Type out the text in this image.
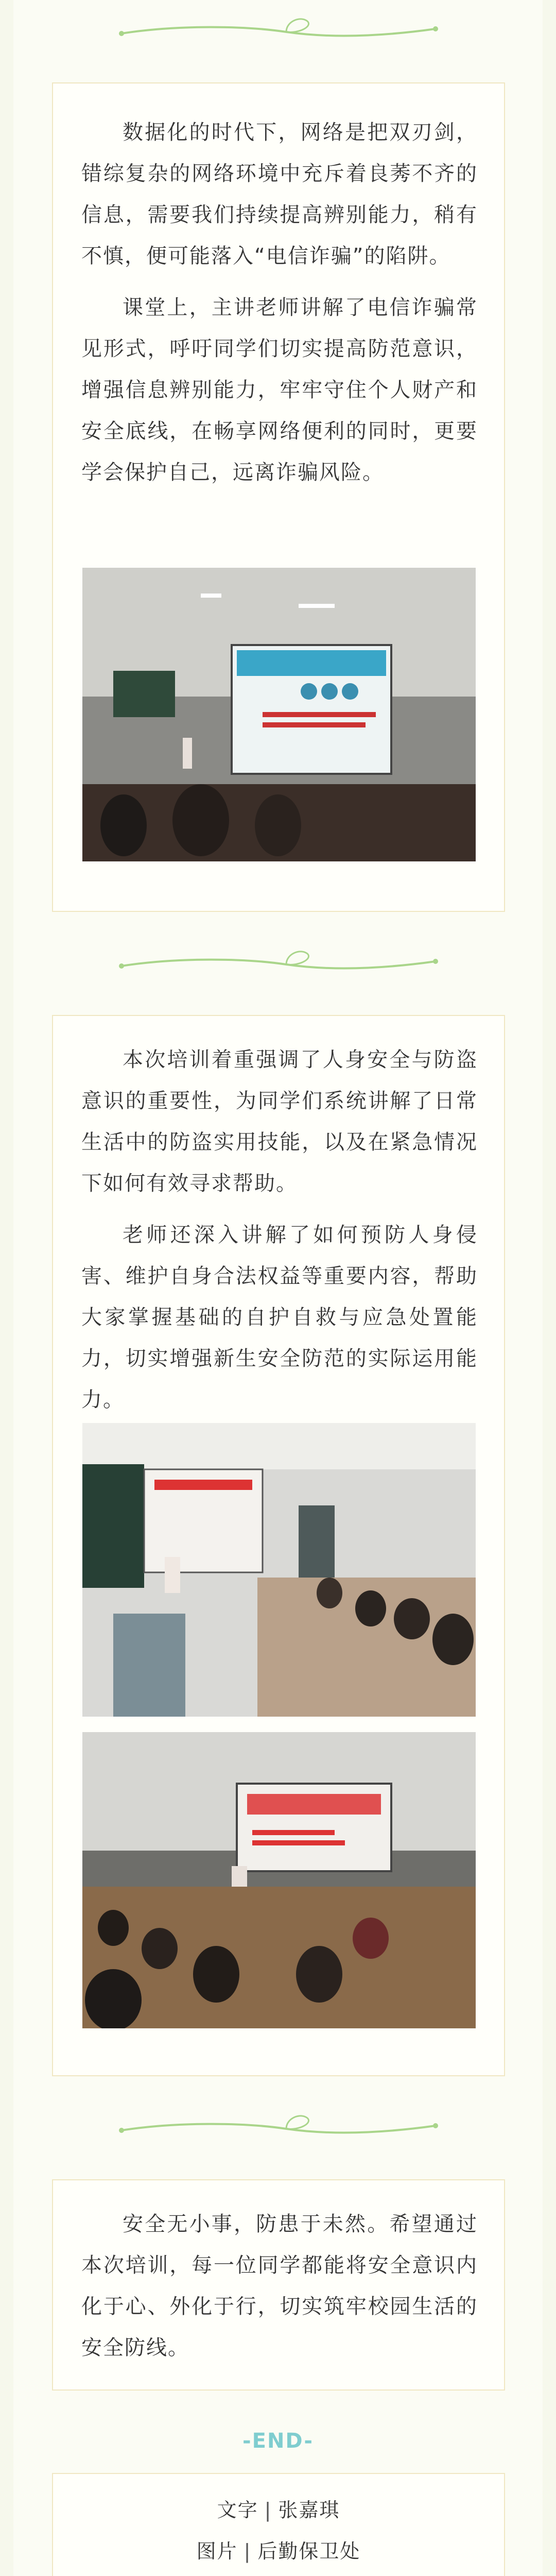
数据化的时代下，网络是把双刃剑，错综复杂的网络环境中充斥着良莠不齐的信息，需要我们持续提高辨别能力，稍有不慎，便可能落入“电信诈骗”的陷阱。

课堂上，主讲老师讲解了电信诈骗常见形式，呼吁同学们切实提高防范意识，增强信息辨别能力，牢牢守住个人财产和安全底线，在畅享网络便利的同时，更要学会保护自己，远离诈骗风险。

本次培训着重强调了人身安全与防盗意识的重要性，为同学们系统讲解了日常生活中的防盗实用技能，以及在紧急情况下如何有效寻求帮助。

老师还深入讲解了如何预防人身侵害、维护自身合法权益等重要内容，帮助大家掌握基础的自护自救与应急处置能力，切实增强新生安全防范的实际运用能力。

安全无小事，防患于未然。希望通过本次培训，每一位同学都能将安全意识内化于心、外化于行，切实筑牢校园生活的安全防线。

-END-
文字 | 张嘉琪
图片 | 后勤保卫处
